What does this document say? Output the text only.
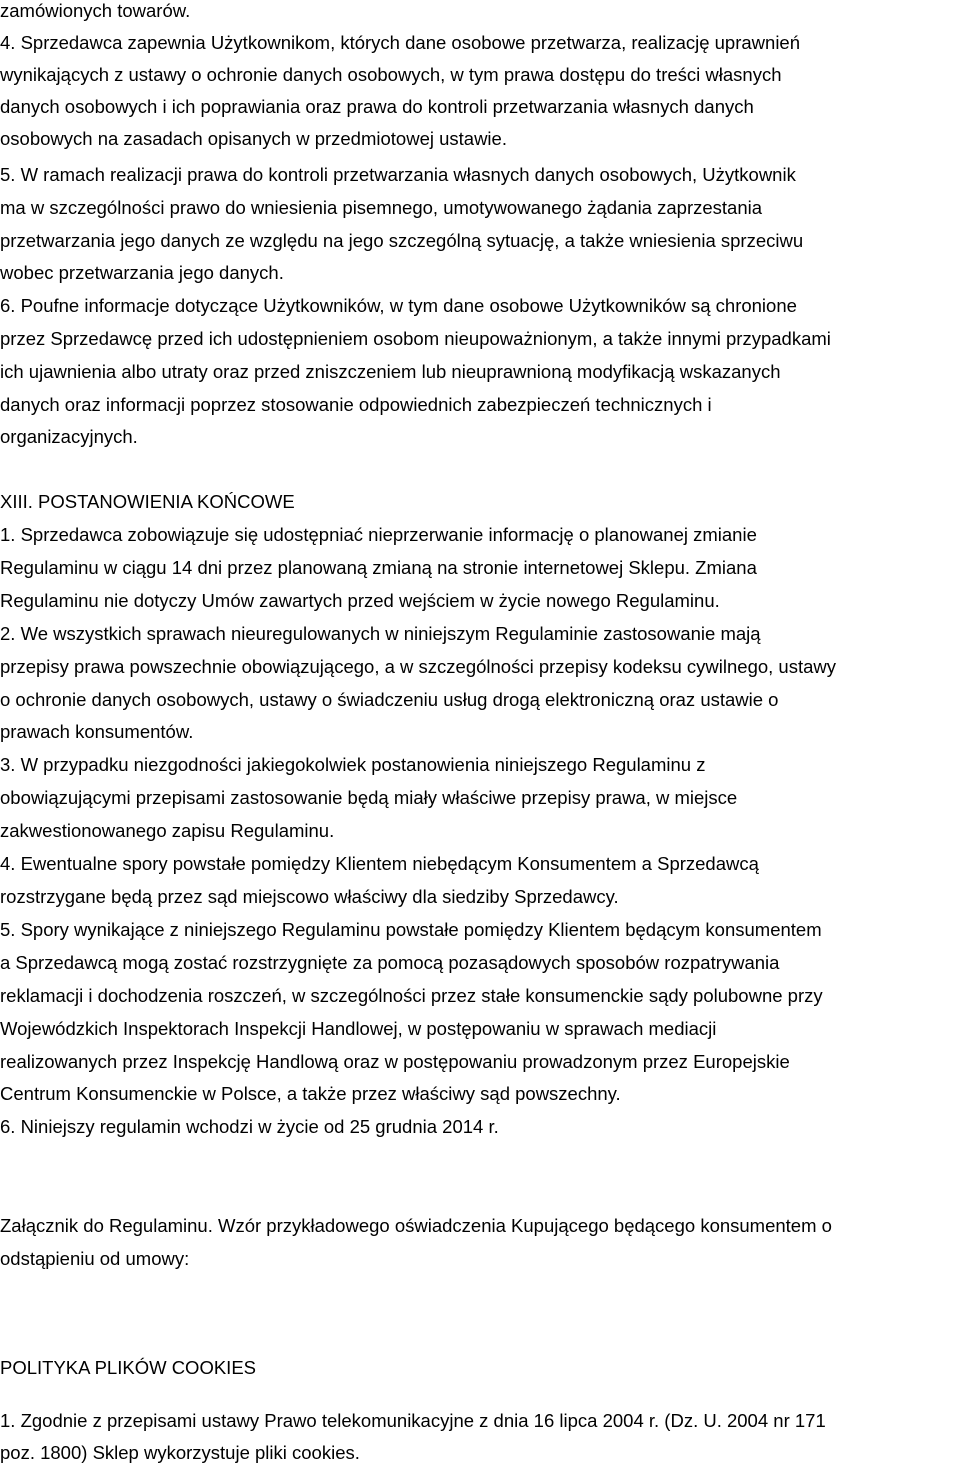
zamówionych towarów.
4. Sprzedawca zapewnia Użytkownikom, których dane osobowe przetwarza, realizację uprawnień
wynikających z ustawy o ochronie danych osobowych, w tym prawa dostępu do treści własnych
danych osobowych i ich poprawiania oraz prawa do kontroli przetwarzania własnych danych
osobowych na zasadach opisanych w przedmiotowej ustawie.
5. W ramach realizacji prawa do kontroli przetwarzania własnych danych osobowych, Użytkownik
ma w szczególności prawo do wniesienia pisemnego, umotywowanego żądania zaprzestania
przetwarzania jego danych ze względu na jego szczególną sytuację, a także wniesienia sprzeciwu
wobec przetwarzania jego danych.
6. Poufne informacje dotyczące Użytkowników, w tym dane osobowe Użytkowników są chronione
przez Sprzedawcę przed ich udostępnieniem osobom nieupoważnionym, a także innymi przypadkami
ich ujawnienia albo utraty oraz przed zniszczeniem lub nieuprawnioną modyfikacją wskazanych
danych oraz informacji poprzez stosowanie odpowiednich zabezpieczeń technicznych i
organizacyjnych.
XIII. POSTANOWIENIA KOŃCOWE
1. Sprzedawca zobowiązuje się udostępniać nieprzerwanie informację o planowanej zmianie
Regulaminu w ciągu 14 dni przez planowaną zmianą na stronie internetowej Sklepu. Zmiana
Regulaminu nie dotyczy Umów zawartych przed wejściem w życie nowego Regulaminu.
2. We wszystkich sprawach nieuregulowanych w niniejszym Regulaminie zastosowanie mają
przepisy prawa powszechnie obowiązującego, a w szczególności przepisy kodeksu cywilnego, ustawy
o ochronie danych osobowych, ustawy o świadczeniu usług drogą elektroniczną oraz ustawie o
prawach konsumentów.
3. W przypadku niezgodności jakiegokolwiek postanowienia niniejszego Regulaminu z
obowiązującymi przepisami zastosowanie będą miały właściwe przepisy prawa, w miejsce
zakwestionowanego zapisu Regulaminu.
4. Ewentualne spory powstałe pomiędzy Klientem niebędącym Konsumentem a Sprzedawcą
rozstrzygane będą przez sąd miejscowo właściwy dla siedziby Sprzedawcy.
5. Spory wynikające z niniejszego Regulaminu powstałe pomiędzy Klientem będącym konsumentem
a Sprzedawcą mogą zostać rozstrzygnięte za pomocą pozasądowych sposobów rozpatrywania
reklamacji i dochodzenia roszczeń, w szczególności przez stałe konsumenckie sądy polubowne przy
Wojewódzkich Inspektorach Inspekcji Handlowej, w postępowaniu w sprawach mediacji
realizowanych przez Inspekcję Handlową oraz w postępowaniu prowadzonym przez Europejskie
Centrum Konsumenckie w Polsce, a także przez właściwy sąd powszechny.
6. Niniejszy regulamin wchodzi w życie od 25 grudnia 2014 r.
Załącznik do Regulaminu. Wzór przykładowego oświadczenia Kupującego będącego konsumentem o
odstąpieniu od umowy:
POLITYKA PLIKÓW COOKIES
1. Zgodnie z przepisami ustawy Prawo telekomunikacyjne z dnia 16 lipca 2004 r. (Dz. U. 2004 nr 171
poz. 1800) Sklep wykorzystuje pliki cookies.
